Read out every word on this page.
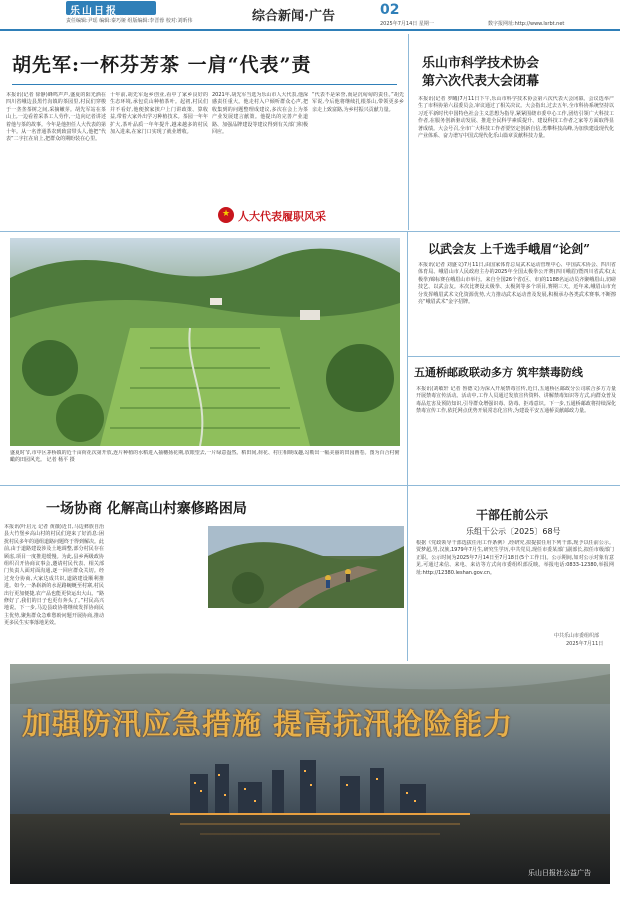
乐山日报
责任编辑:尹瑶 编辑:秦巧娅 组版编辑:李晋蓉 校对:刘昕伟	综合新闻·广告	02
2025年7月14日 星期一	数字报网址:http://www.lsrbt.net
胡先军:一杯芬芳茶 一肩“代表”责
本报讯(记者 徐静)蜂鸣声声,盛夏的阳光洒在四川省峨边县黑竹沟镇的茶园里,村民们穿梭于一垄垄茶树之间,采摘嫩芽。胡先军站在茶山上,一边看着采茶工人劳作,一边向记者讲述着他与茶的故事。今年是他担任人大代表的第十年。从一名普通茶农到致富带头人,他把“代表”二字扛在肩上,把群众的期盼装在心里。
十年前,胡先军返乡创业,看中了家乡良好的生态环境,承包荒山种植茶叶。起初,村民们并不看好,他便挨家挨户上门讲政策、算收益,带着大家外出学习种植技术。茶园一年年扩大,茶叶品质一年年提升,越来越多的村民加入进来,在家门口实现了就业增收。
2021年,胡先军当选为乐山市人大代表,他深感责任重大。他走村入户倾听群众心声,把收集到的问题整理成建议,多次在会上为茶产业发展建言献策。他提出的完善产业道路、加强品牌建设等建议得到有关部门积极回应。
“代表不是荣誉,而是沉甸甸的责任。”胡先军说,今后他将继续扎根茶山,带领更多乡亲走上致富路,为乡村振兴贡献力量。
★ 人大代表履职风采
乐山市科学技术协会
第六次代表大会闭幕
本报讯(记者 罗曦)7月11日下午,乐山市科学技术协会第六次代表大会闭幕。会议选举产生了市科协第六届委员会,审议通过了相关决议。大会指出,过去五年,全市科协系统坚持以习近平新时代中国特色社会主义思想为指导,紧紧围绕市委中心工作,团结引领广大科技工作者,在服务创新驱动发展、推进全民科学素质提升、建设科技工作者之家等方面取得显著成绩。大会号召,全市广大科技工作者要坚定创新自信,勇攀科技高峰,为加快建设现代化产业体系、奋力谱写中国式现代化乐山篇章贡献科技力量。
盛夏时节,市中区茅桥镇的近千亩荷花次第开放,连片种植的水稻进入抽穗扬花期,放眼望去,一片绿意盎然。稻田间,荷花、村庄相映成趣,勾勒出一幅美丽的田园画卷。图为百合村俯瞰的田园风光。 记者 杨平 摄
以武会友 上千选手峨眉“论剑”
本报讯(记者 刘盛文)7月11日,由国家体育总局武术运动管理中心、中国武术协会、四川省体育局、峨眉山市人民政府主办的2025年全国太极拳公开赛(四川峨眉)暨四川省武术(太极拳)锦标赛在峨眉山市举行。来自全国26个省(区、市)的1188名运动员齐聚峨眉山,切磋技艺、以武会友。本次比赛设太极拳、太极剑等多个项目,赛期三天。近年来,峨眉山市充分发挥峨眉武术文化资源优势,大力推动武术运动普及发展,积极承办各类武术赛事,不断擦亮“峨眉武术”金字招牌。
五通桥邮政联动多方 筑牢禁毒防线
本报讯(刘敏轩 记者 鲁德文)为深入开展禁毒宣传,近日,五通桥区邮政分公司联合多方力量开展禁毒宣传活动。活动中,工作人员通过发放宣传资料、讲解禁毒知识等方式,向群众普及毒品危害及预防知识,引导群众增强识毒、防毒、拒毒意识。下一步,五通桥邮政将持续深化禁毒宣传工作,依托网点优势开展常态化宣传,为建设平安五通桥贡献邮政力量。
一场协商 化解高山村寨修路困局
本报讯(叶启元 记者 黄薇)近日,马边彝族自治县大竹堡乡高山村的村民们迎来了好消息:困扰村民多年的通组道路问题终于得到解决。此前,由于道路建设涉及土地调整,部分村民存在顾虑,项目一度推进缓慢。为此,县乡两级政协组织召开协商议事会,邀请村民代表、相关部门负责人面对面沟通,逐一回应群众关切。经过充分协商,大家达成共识,道路建设顺利推进。如今,一条崭新的水泥路蜿蜒至村寨,村民出行更加便捷,农产品也能更快运出大山。“路修好了,我们的日子也更有奔头了。”村民高兴地说。下一步,马边县政协将继续发挥协商民主优势,聚焦群众急难愁盼问题开展协商,推动更多民生实事落地见效。
干部任前公示
乐组干公示〔2025〕68号
根据《党政领导干部选拔任用工作条例》,经研究,拟提拔任用下列干部,现予以任前公示。贾梦超,男,汉族,1979年7月生,研究生学历,中共党员,现任市委某部门副部长,拟任市级部门正职。公示时间为2025年7月14日至7月18日(5个工作日)。公示期间,如对公示对象有意见,可通过来信、来电、来访等方式向市委组织部反映。举报电话:0833-12380,举报网址:http://12380.leshan.gov.cn。
中共乐山市委组织部
2025年7月11日
加强防汛应急措施 提高抗汛抢险能力
乐山日报社公益广告
